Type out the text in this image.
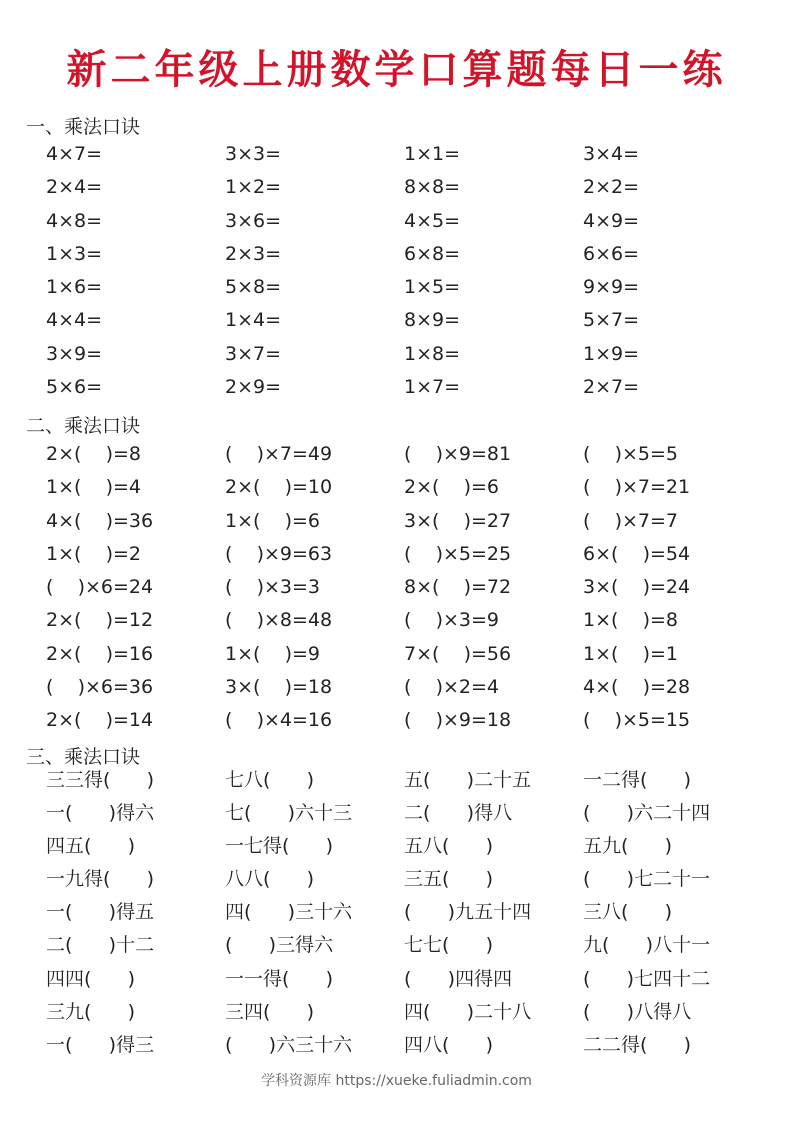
新二年级上册数学口算题每日一练
一、乘法口诀
4×7=	3×3=	1×1=	3×4=
2×4=	1×2=	8×8=	2×2=
4×8=	3×6=	4×5=	4×9=
1×3=	2×3=	6×8=	6×6=
1×6=	5×8=	1×5=	9×9=
4×4=	1×4=	8×9=	5×7=
3×9=	3×7=	1×8=	1×9=
5×6=	2×9=	1×7=	2×7=
二、乘法口诀
2×(    )=8	(    )×7=49	(    )×9=81	(    )×5=5
1×(    )=4	2×(    )=10	2×(    )=6	(    )×7=21
4×(    )=36	1×(    )=6	3×(    )=27	(    )×7=7
1×(    )=2	(    )×9=63	(    )×5=25	6×(    )=54
(    )×6=24	(    )×3=3	8×(    )=72	3×(    )=24
2×(    )=12	(    )×8=48	(    )×3=9	1×(    )=8
2×(    )=16	1×(    )=9	7×(    )=56	1×(    )=1
(    )×6=36	3×(    )=18	(    )×2=4	4×(    )=28
2×(    )=14	(    )×4=16	(    )×9=18	(    )×5=15
三、乘法口诀
三三得(      )	七八(      )	五(      )二十五	一二得(      )
一(      )得六	七(      )六十三	二(      )得八	(      )六二十四
四五(      )	一七得(      )	五八(      )	五九(      )
一九得(      )	八八(      )	三五(      )	(      )七二十一
一(      )得五	四(      )三十六	(      )九五十四	三八(      )
二(      )十二	(      )三得六	七七(      )	九(      )八十一
四四(      )	一一得(      )	(      )四得四	(      )七四十二
三九(      )	三四(      )	四(      )二十八	(      )八得八
一(      )得三	(      )六三十六	四八(      )	二二得(      )
学科资源库 https://xueke.fuliadmin.com
